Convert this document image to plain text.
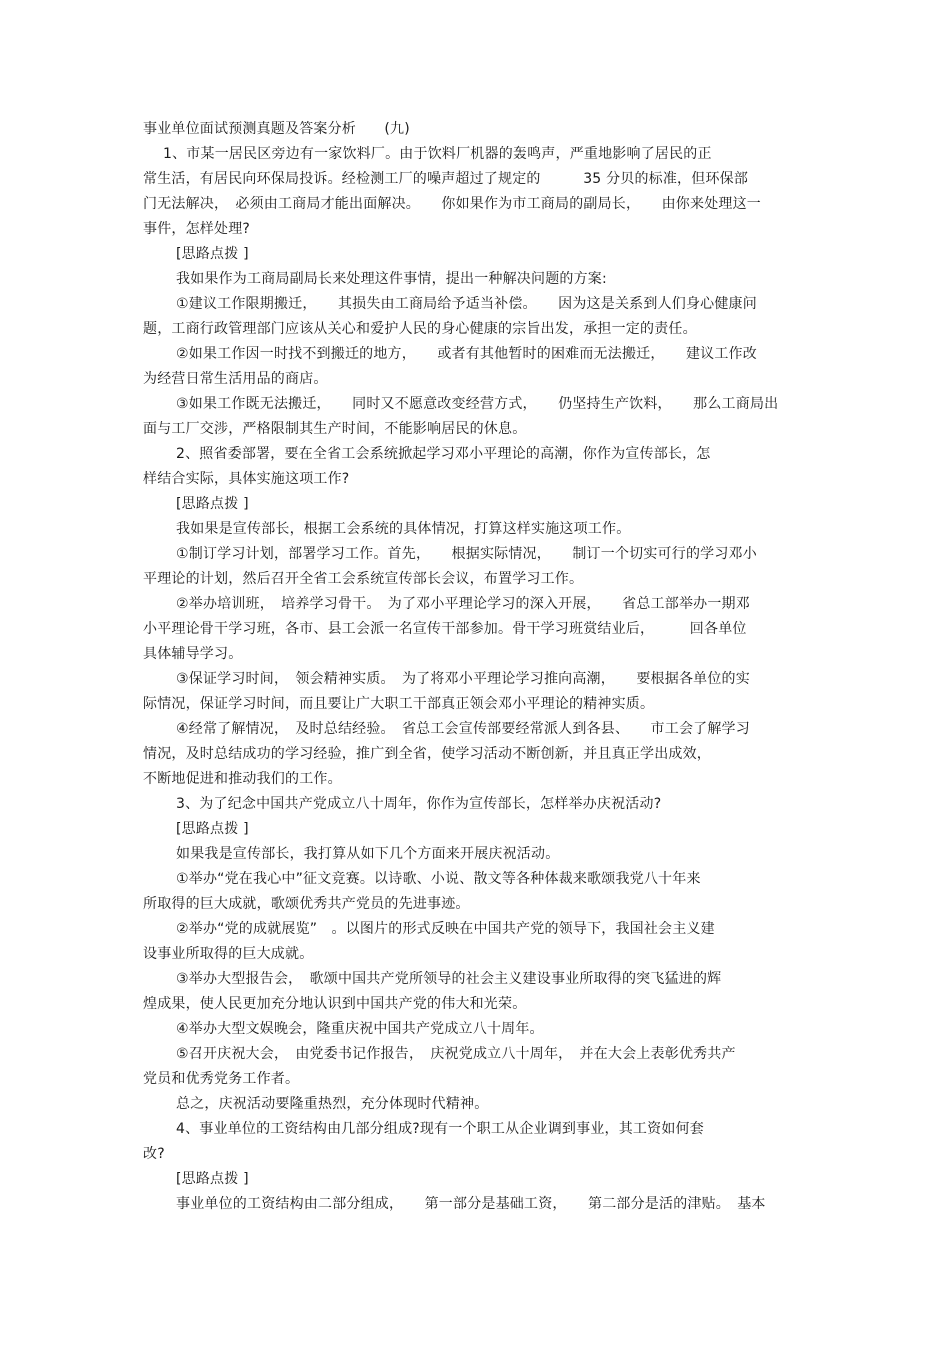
事业单位面试预测真题及答案分析　　(九)
1、市某一居民区旁边有一家饮料厂。由于饮料厂机器的轰鸣声，严重地影响了居民的正
常生活，有居民向环保局投诉。经检测工厂的噪声超过了规定的　　　35 分贝的标准，但环保部
门无法解决，　必须由工商局才能出面解决。　　你如果作为市工商局的副局长，　　由你来处理这一
事件，怎样处理?
[思路点拨 ]
我如果作为工商局副局长来处理这件事情，提出一种解决问题的方案:
①建议工作限期搬迁，　　其损失由工商局给予适当补偿。　　因为这是关系到人们身心健康问
题，工商行政管理部门应该从关心和爱护人民的身心健康的宗旨出发，承担一定的责任。
②如果工作因一时找不到搬迁的地方，　　或者有其他暂时的困难而无法搬迁，　　建议工作改
为经营日常生活用品的商店。
③如果工作既无法搬迁，　　同时又不愿意改变经营方式，　　仍坚持生产饮料，　　那么工商局出
面与工厂交涉，严格限制其生产时间，不能影响居民的休息。
2、照省委部署，要在全省工会系统掀起学习邓小平理论的高潮，你作为宣传部长，怎
样结合实际，具体实施这项工作?
[思路点拨 ]
我如果是宣传部长，根据工会系统的具体情况，打算这样实施这项工作。
①制订学习计划，部署学习工作。首先，　　根据实际情况，　　制订一个切实可行的学习邓小
平理论的计划，然后召开全省工会系统宣传部长会议，布置学习工作。
②举办培训班，　培养学习骨干。　为了邓小平理论学习的深入开展，　　省总工部举办一期邓
小平理论骨干学习班，各市、县工会派一名宣传干部参加。骨干学习班赏结业后，　　　回各单位
具体辅导学习。
③保证学习时间，　领会精神实质。　为了将邓小平理论学习推向高潮，　　要根据各单位的实
际情况，保证学习时间，而且要让广大职工干部真正领会邓小平理论的精神实质。
④经常了解情况，　及时总结经验。　省总工会宣传部要经常派人到各县、　　市工会了解学习
情况，及时总结成功的学习经验，推广到全省，使学习活动不断创新，并且真正学出成效，
不断地促进和推动我们的工作。
3、为了纪念中国共产党成立八十周年，你作为宣传部长，怎样举办庆祝活动?
[思路点拨 ]
如果我是宣传部长，我打算从如下几个方面来开展庆祝活动。
①举办“党在我心中”征文竞赛。以诗歌、小说、散文等各种体裁来歌颂我党八十年来
所取得的巨大成就，歌颂优秀共产党员的先进事迹。
②举办“党的成就展览”　。以图片的形式反映在中国共产党的领导下，我国社会主义建
设事业所取得的巨大成就。
③举办大型报告会，　歌颂中国共产党所领导的社会主义建设事业所取得的突飞猛进的辉
煌成果，使人民更加充分地认识到中国共产党的伟大和光荣。
④举办大型文娱晚会，隆重庆祝中国共产党成立八十周年。
⑤召开庆祝大会，　由党委书记作报告，　庆祝党成立八十周年，　并在大会上表彰优秀共产
党员和优秀党务工作者。
总之，庆祝活动要隆重热烈，充分体现时代精神。
4、事业单位的工资结构由几部分组成?现有一个职工从企业调到事业，其工资如何套
改?
[思路点拨 ]
事业单位的工资结构由二部分组成，　　第一部分是基础工资，　　第二部分是活的津贴。　基本
